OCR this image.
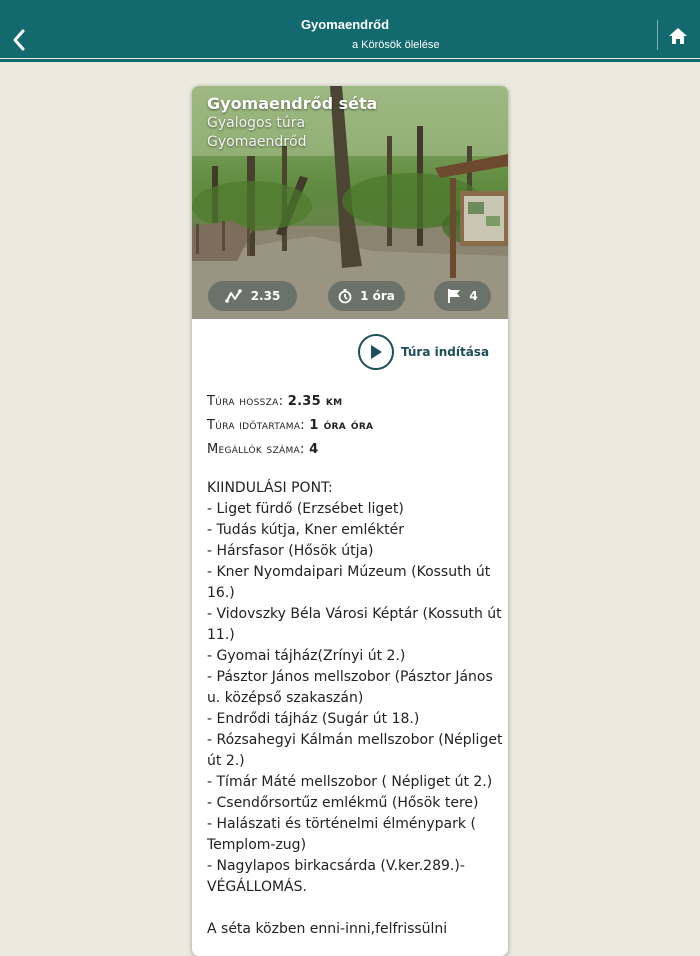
Gyomaendrőd
a Körösök ölelése
Gyomaendrőd séta
Gyalogos túra
Gyomaendrőd
2.35	1 óra	4
Túra indítása
Túra hossza: 2.35 km
Túra időtartama: 1 óra óra
Megállók száma: 4
KIINDULÁSI PONT:
- Liget fürdő (Erzsébet liget)
- Tudás kútja, Kner emléktér
- Hársfasor (Hősök útja)
- Kner Nyomdaipari Múzeum (Kossuth út
16.)
- Vidovszky Béla Városi Képtár (Kossuth út
11.)
- Gyomai tájház(Zrínyi út 2.)
- Pásztor János mellszobor (Pásztor János
u. középső szakaszán)
- Endrődi tájház (Sugár út 18.)
- Rózsahegyi Kálmán mellszobor (Népliget
út 2.)
- Tímár Máté mellszobor ( Népliget út 2.)
- Csendőrsortűz emlékmű (Hősök tere)
- Halászati és történelmi élménypark (
Templom-zug)
- Nagylapos birkacsárda (V.ker.289.)-
VÉGÁLLOMÁS.
A séta közben enni-inni,felfrissülni
